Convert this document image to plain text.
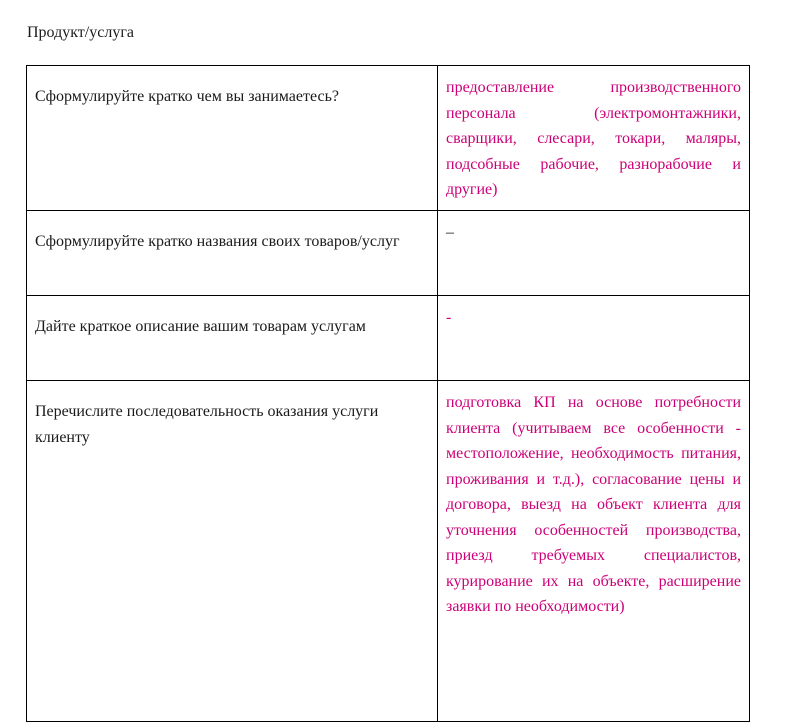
Продукт/услуга
Сформулируйте кратко чем вы занимаетесь?	предоставление производственного персонала (электромонтажники, сварщики, слесари, токари, маляры, подсобные рабочие, разнорабочие и другие)

Сформулируйте кратко названия своих товаров/услуг	–

Дайте краткое описание вашим товарам услугам	-

Перечислите последовательность оказания услуги клиенту	подготовка КП на основе потребности клиента (учитываем все особенности - местоположение, необходимость питания, проживания и т.д.), согласование цены и договора, выезд на объект клиента для уточнения особенностей производства, приезд требуемых специалистов, курирование их на объекте, расширение заявки по необходимости)
